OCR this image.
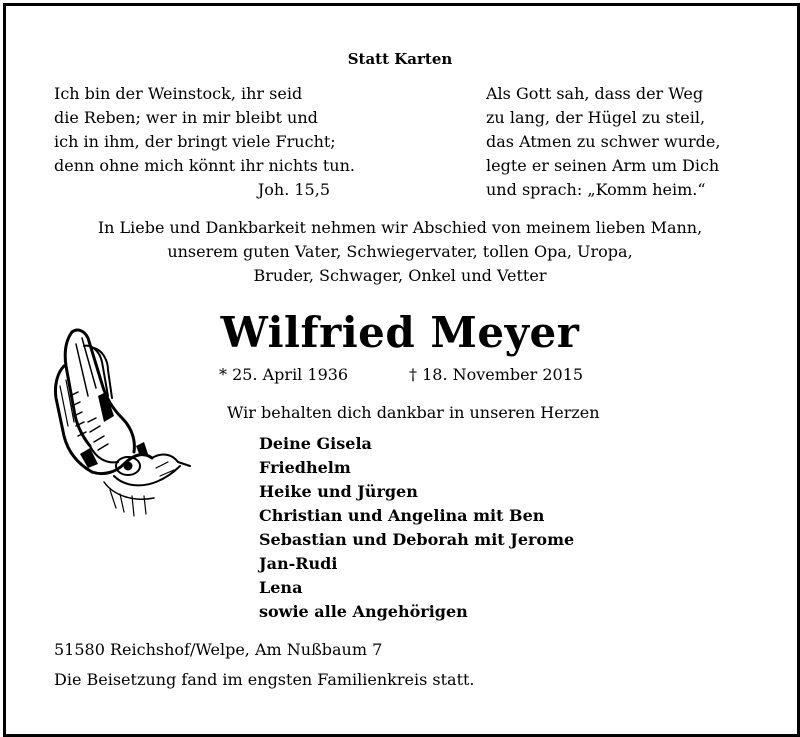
Statt Karten
Ich bin der Weinstock, ihr seid
die Reben; wer in mir bleibt und
ich in ihm, der bringt viele Frucht;
denn ohne mich könnt ihr nichts tun.
Joh. 15,5
Als Gott sah, dass der Weg
zu lang, der Hügel zu steil,
das Atmen zu schwer wurde,
legte er seinen Arm um Dich
und sprach: „Komm heim.“
In Liebe und Dankbarkeit nehmen wir Abschied von meinem lieben Mann,
unserem guten Vater, Schwiegervater, tollen Opa, Uropa,
Bruder, Schwager, Onkel und Vetter
Wilfried Meyer
* 25. April 1936	† 18. November 2015
Wir behalten dich dankbar in unseren Herzen
Deine Gisela
Friedhelm
Heike und Jürgen
Christian und Angelina mit Ben
Sebastian und Deborah mit Jerome
Jan-Rudi
Lena
sowie alle Angehörigen
51580 Reichshof/Welpe, Am Nußbaum 7
Die Beisetzung fand im engsten Familienkreis statt.
